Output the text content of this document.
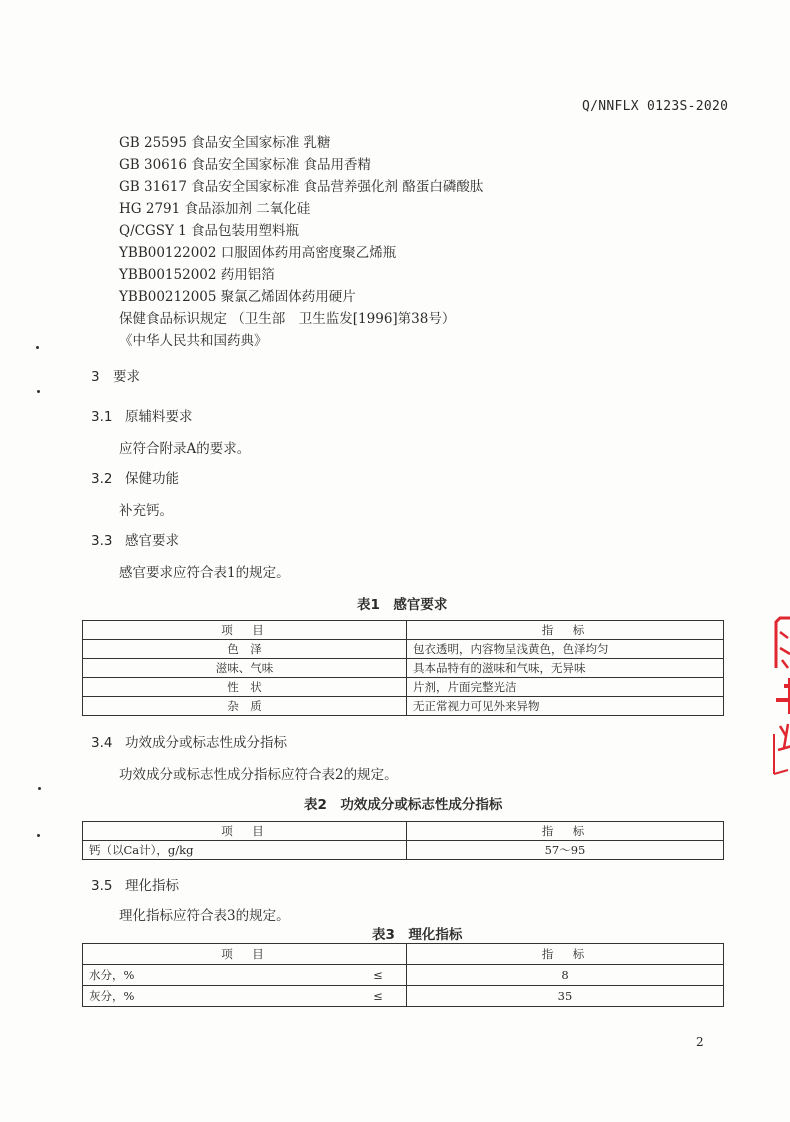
Q/NNFLX 0123S-2020
GB 25595 食品安全国家标准 乳糖
GB 30616 食品安全国家标准 食品用香精
GB 31617 食品安全国家标准 食品营养强化剂 酪蛋白磷酸肽
HG 2791 食品添加剂 二氧化硅
Q/CGSY 1 食品包装用塑料瓶
YBB00122002 口服固体药用高密度聚乙烯瓶
YBB00152002 药用铝箔
YBB00212005 聚氯乙烯固体药用硬片
保健食品标识规定 （卫生部　卫生监发[1996]第38号）
《中华人民共和国药典》
3 要求
3.1 原辅料要求
应符合附录A的要求。
3.2 保健功能
补充钙。
3.3 感官要求
感官要求应符合表1的规定。
表1　感官要求
项　目	指　标
色　泽	包衣透明，内容物呈浅黄色，色泽均匀
滋味、气味	具本品特有的滋味和气味，无异味
性　状	片剂，片面完整光洁
杂　质	无正常视力可见外来异物
3.4 功效成分或标志性成分指标
功效成分或标志性成分指标应符合表2的规定。
表2　功效成分或标志性成分指标
项　目	指　标
钙（以Ca计），g/kg	57～95
3.5 理化指标
理化指标应符合表3的规定。
表3　理化指标
项　目		指　标
水分，%	≤	8
灰分，%	≤	35
2
